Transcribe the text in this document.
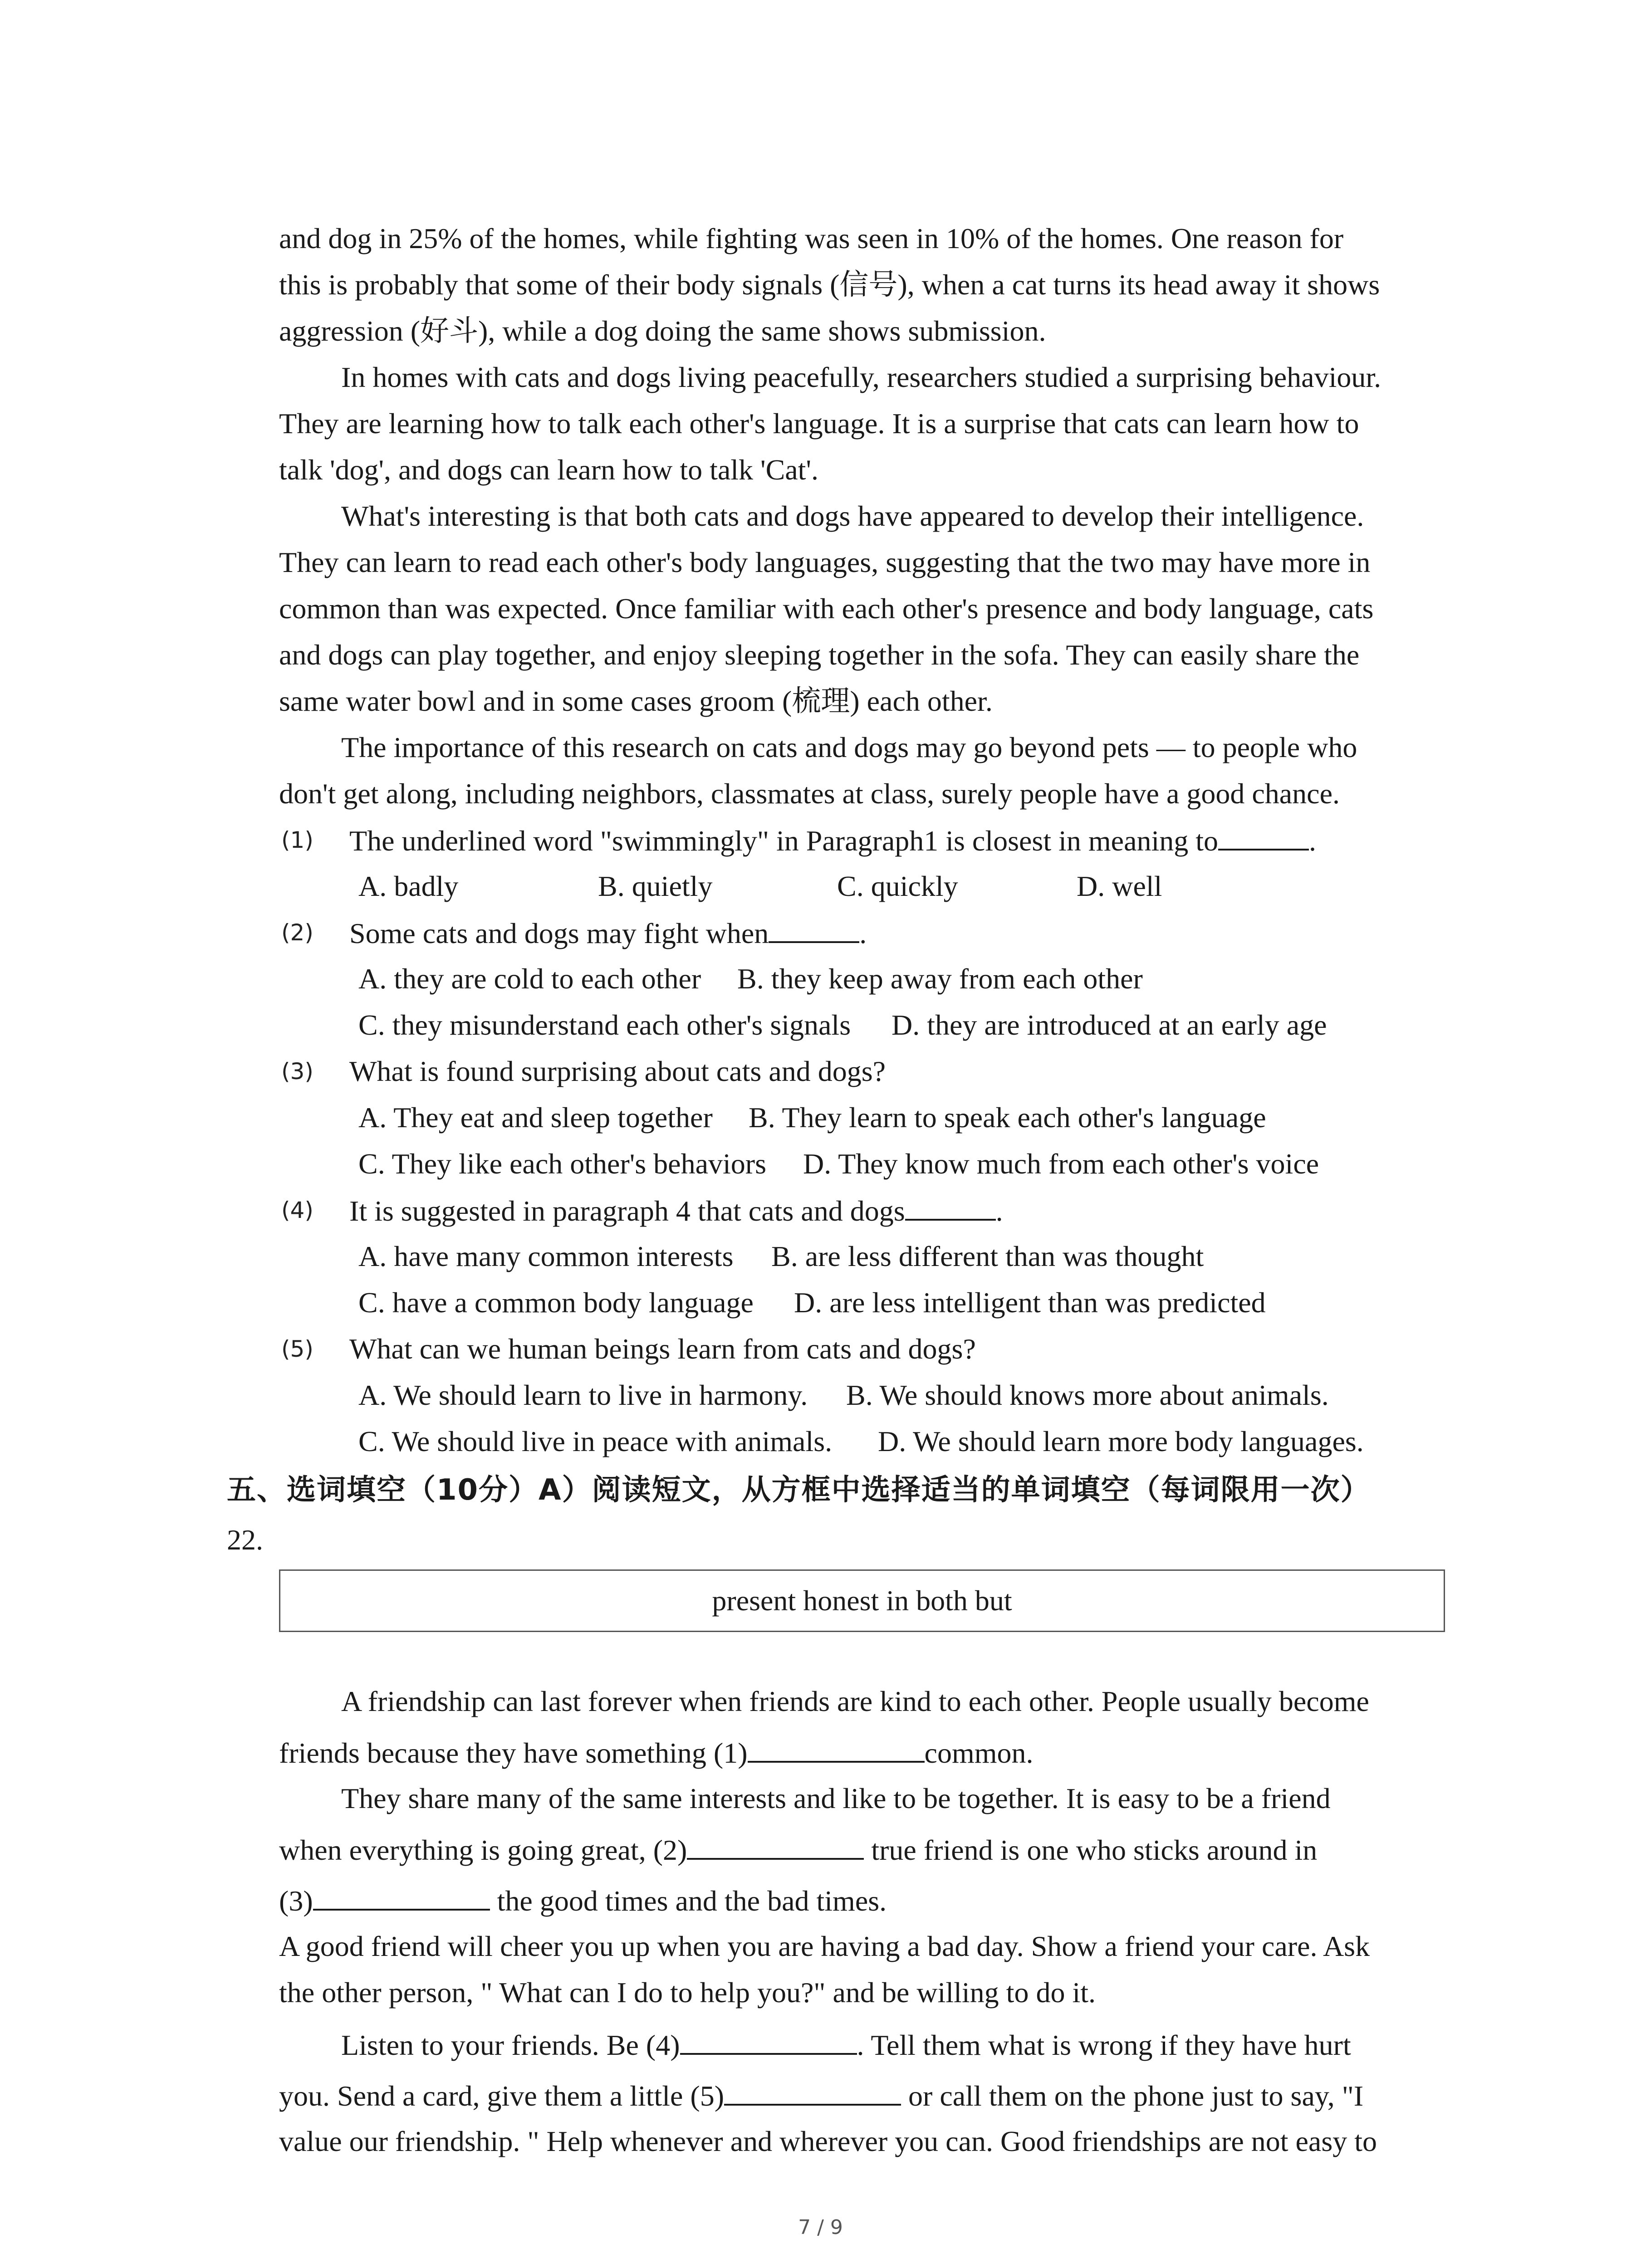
and dog in 25% of the homes, while fighting was seen in 10% of the homes. One reason for
this is probably that some of their body signals (信号), when a cat turns its head away it shows
aggression (好斗), while a dog doing the same shows submission.
In homes with cats and dogs living peacefully, researchers studied a surprising behaviour.
They are learning how to talk each other's language. It is a surprise that cats can learn how to
talk 'dog', and dogs can learn how to talk 'Cat'.
What's interesting is that both cats and dogs have appeared to develop their intelligence.
They can learn to read each other's body languages, suggesting that the two may have more in
common than was expected. Once familiar with each other's presence and body language, cats
and dogs can play together, and enjoy sleeping together in the sofa. They can easily share the
same water bowl and in some cases groom (梳理) each other.
The importance of this research on cats and dogs may go beyond pets — to people who
don't get along, including neighbors, classmates at class, surely people have a good chance.
(1) The underlined word "swimmingly" in Paragraph1 is closest in meaning to	.
A. badly	B. quietly	C. quickly	D. well
(2) Some cats and dogs may fight when	.
A. they are cold to each other B. they keep away from each other
C. they misunderstand each other's signals D. they are introduced at an early age
(3) What is found surprising about cats and dogs?
A. They eat and sleep together B. They learn to speak each other's language
C. They like each other's behaviors D. They know much from each other's voice
(4) It is suggested in paragraph 4 that cats and dogs	.
A. have many common interests B. are less different than was thought
C. have a common body language D. are less intelligent than was predicted
(5) What can we human beings learn from cats and dogs?
A. We should learn to live in harmony. B. We should knows more about animals.
C. We should live in peace with animals. D. We should learn more body languages.
五、选词填空（10分）A）阅读短文，从方框中选择适当的单词填空（每词限用一次）
22.
present honest in both but
A friendship can last forever when friends are kind to each other. People usually become
friends because they have something (1)	common.
They share many of the same interests and like to be together. It is easy to be a friend
when everything is going great, (2)	true friend is one who sticks around in
(3)	the good times and the bad times.
A good friend will cheer you up when you are having a bad day. Show a friend your care. Ask
the other person, " What can I do to help you?" and be willing to do it.
Listen to your friends. Be (4)	. Tell them what is wrong if they have hurt
you. Send a card, give them a little (5)	or call them on the phone just to say, "I
value our friendship. " Help whenever and wherever you can. Good friendships are not easy to
7 / 9
